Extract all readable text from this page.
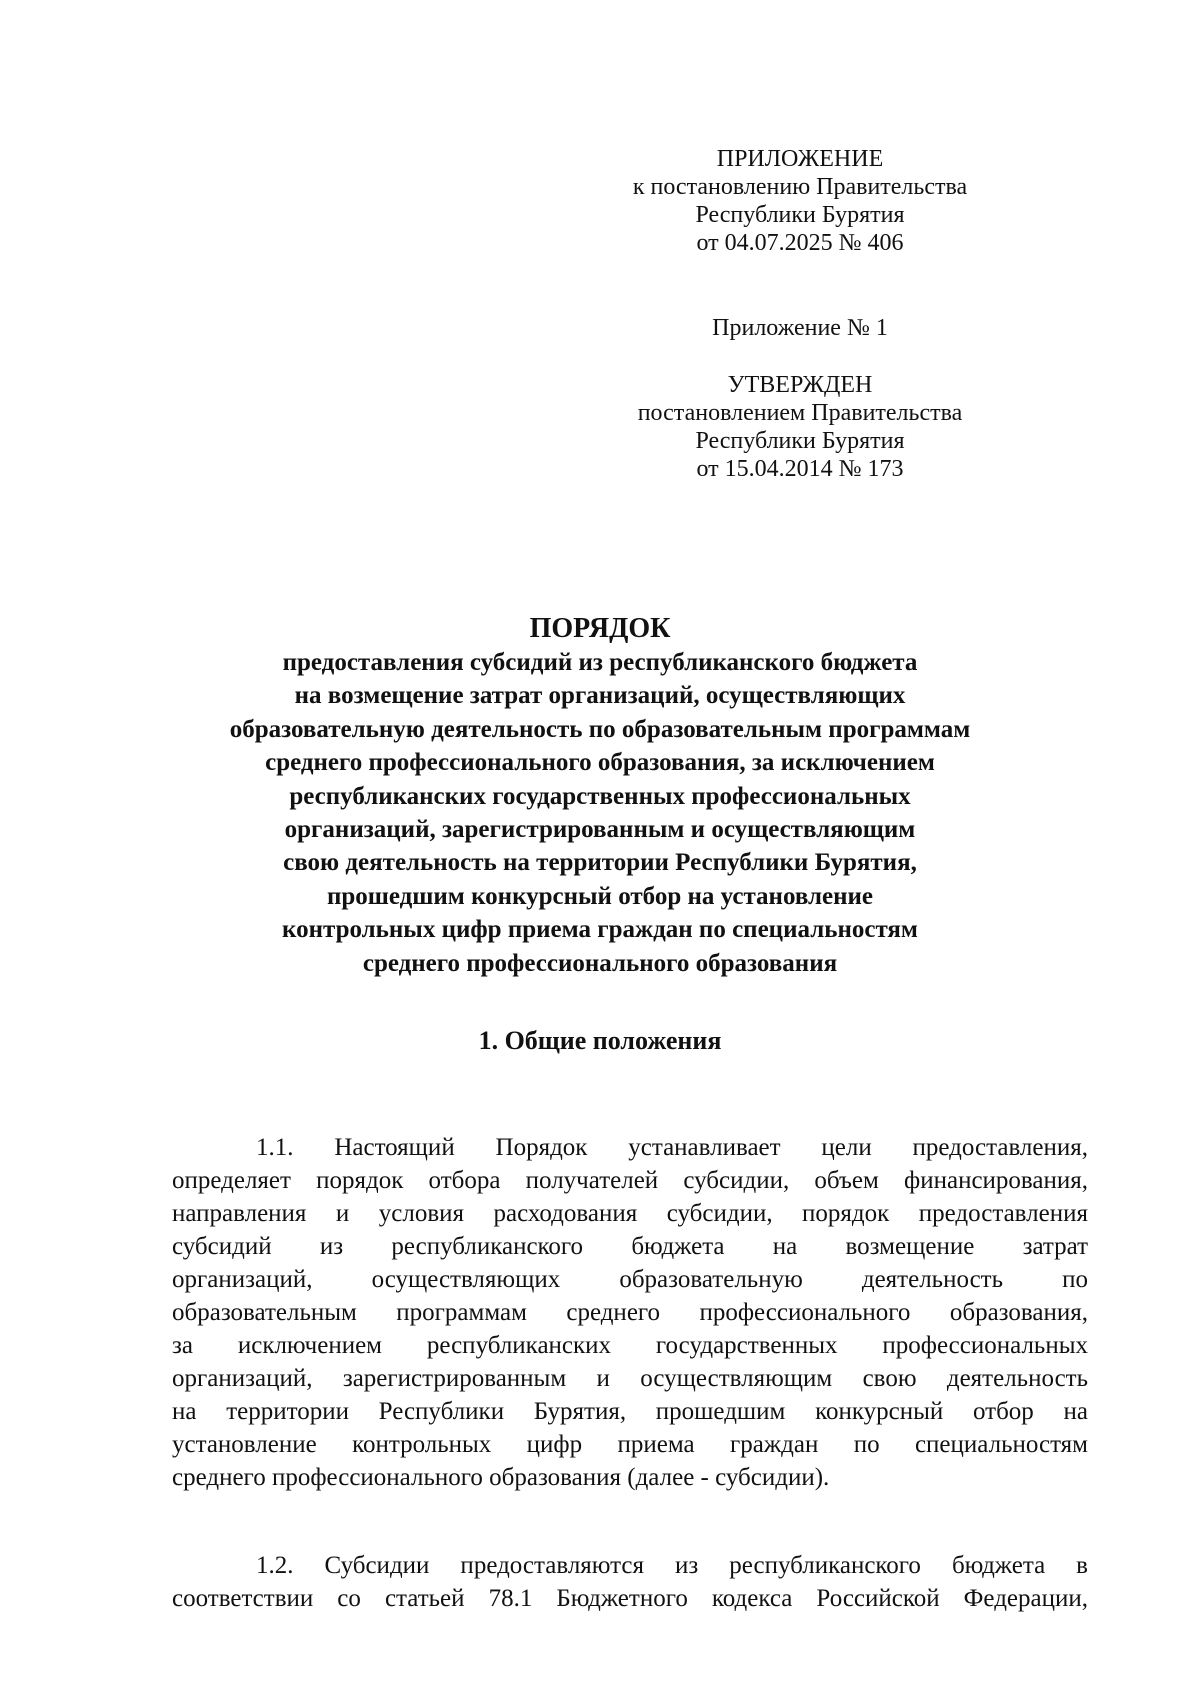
ПРИЛОЖЕНИЕ
к постановлению Правительства
Республики Бурятия
от 04.07.2025 № 406
Приложение № 1
УТВЕРЖДЕН
постановлением Правительства
Республики Бурятия
от 15.04.2014 № 173
ПОРЯДОК
предоставления субсидий из республиканского бюджета
на возмещение затрат организаций, осуществляющих
образовательную деятельность по образовательным программам
среднего профессионального образования, за исключением
республиканских государственных профессиональных
организаций, зарегистрированным и осуществляющим
свою деятельность на территории Республики Бурятия,
прошедшим конкурсный отбор на установление
контрольных цифр приема граждан по специальностям
среднего профессионального образования
1. Общие положения
1.1. Настоящий Порядок устанавливает цели предоставления,
определяет порядок отбора получателей субсидии, объем финансирования,
направления и условия расходования субсидии, порядок предоставления
субсидий из республиканского бюджета на возмещение затрат
организаций, осуществляющих образовательную деятельность по
образовательным программам среднего профессионального образования,
за исключением республиканских государственных профессиональных
организаций, зарегистрированным и осуществляющим свою деятельность
на территории Республики Бурятия, прошедшим конкурсный отбор на
установление контрольных цифр приема граждан по специальностям
среднего профессионального образования (далее - субсидии).
1.2. Субсидии предоставляются из республиканского бюджета в
соответствии со статьей 78.1 Бюджетного кодекса Российской Федерации,
